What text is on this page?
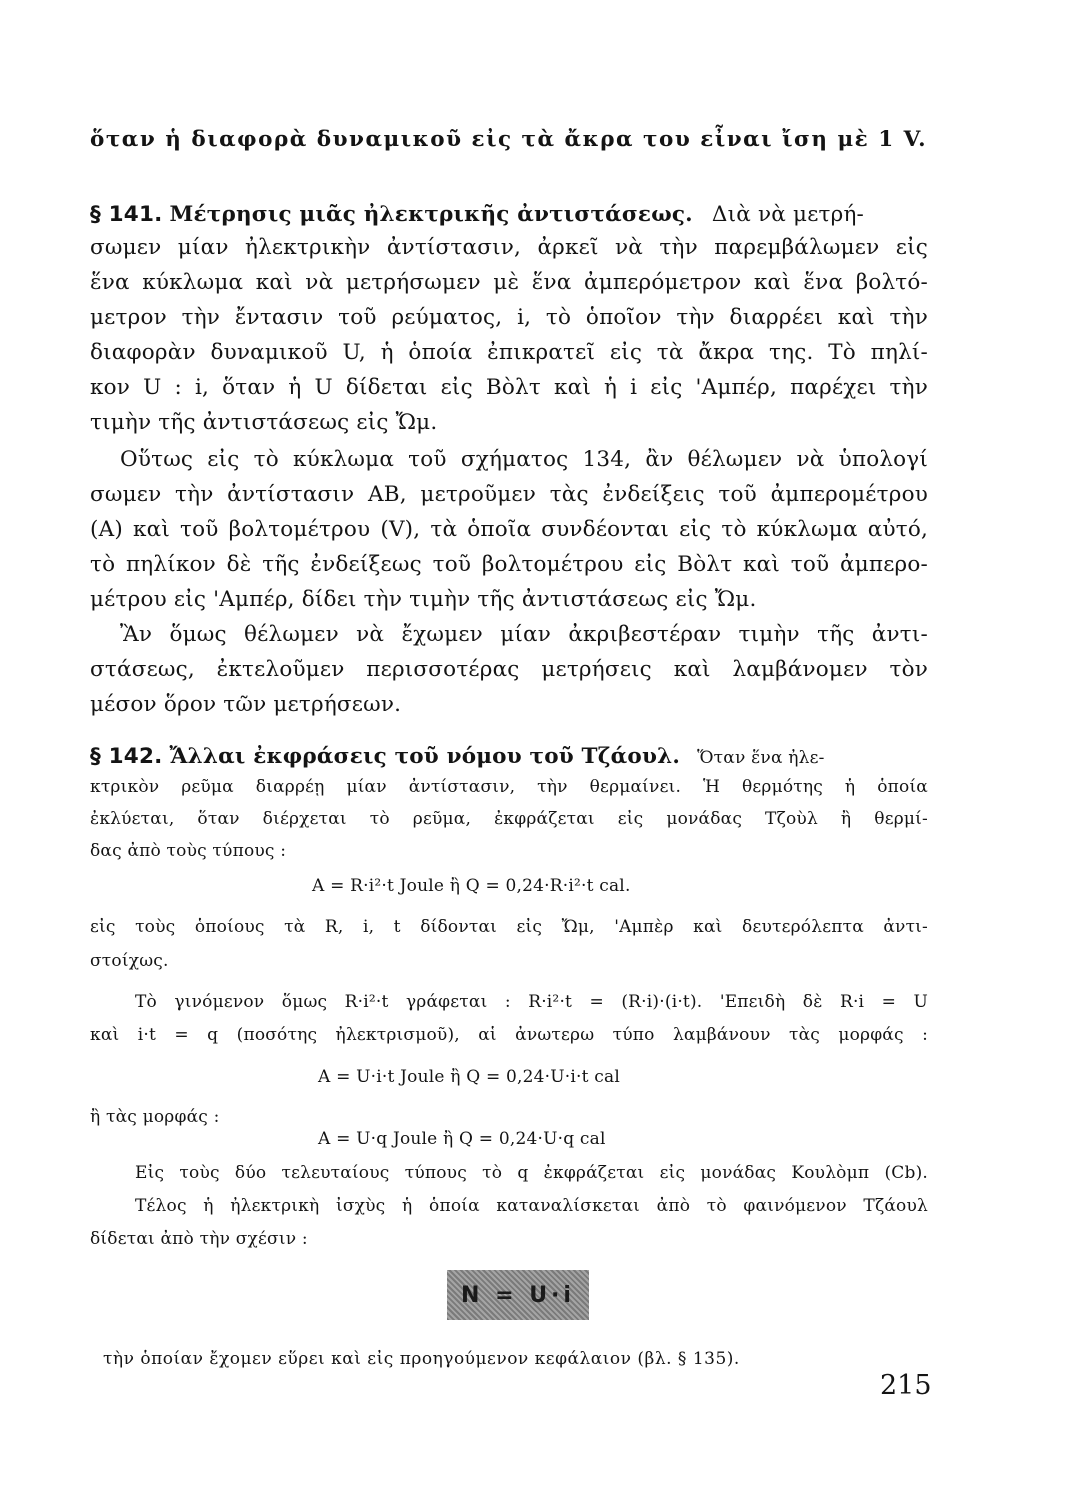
ὅταν ἡ διαφορὰ δυναμικοῦ εἰς τὰ ἄκρα του εἶναι ἴση μὲ 1 V.

§ 141. Μέτρησις μιᾶς ἠλεκτρικῆς ἀντιστάσεως. Διὰ νὰ μετρή-

σωμεν μίαν ἠλεκτρικὴν ἀντίστασιν, ἀρκεῖ νὰ τὴν παρεμβάλωμεν εἰς

ἕνα κύκλωμα καὶ νὰ μετρήσωμεν μὲ ἕνα ἀμπερόμετρον καὶ ἕνα βολτό-

μετρον τὴν ἔντασιν τοῦ ρεύματος, i, τὸ ὁποῖον τὴν διαρρέει καὶ τὴν

διαφορὰν δυναμικοῦ U, ἡ ὁποία ἐπικρατεῖ εἰς τὰ ἄκρα της. Τὸ πηλί-

κον U : i, ὅταν ἡ U δίδεται εἰς Βὸλτ καὶ ἡ i εἰς 'Αμπέρ, παρέχει τὴν

τιμὴν τῆς ἀντιστάσεως εἰς Ὤμ.

Οὕτως εἰς τὸ κύκλωμα τοῦ σχήματος 134, ἂν θέλωμεν νὰ ὑπολογί

σωμεν τὴν ἀντίστασιν ΑΒ, μετροῦμεν τὰς ἐνδείξεις τοῦ ἀμπερομέτρου

(Α) καὶ τοῦ βολτομέτρου (V), τὰ ὁποῖα συνδέονται εἰς τὸ κύκλωμα αὐτό,

τὸ πηλίκον δὲ τῆς ἐνδείξεως τοῦ βολτομέτρου εἰς Βὸλτ καὶ τοῦ ἀμπερο-

μέτρου εἰς 'Αμπέρ, δίδει τὴν τιμὴν τῆς ἀντιστάσεως εἰς Ὤμ.

Ἂν ὅμως θέλωμεν νὰ ἔχωμεν μίαν ἀκριβεστέραν τιμὴν τῆς ἀντι-

στάσεως, ἐκτελοῦμεν περισσοτέρας μετρήσεις καὶ λαμβάνομεν τὸν

μέσον ὅρον τῶν μετρήσεων.

§ 142. Ἄλλαι ἐκφράσεις τοῦ νόμου τοῦ Τζάουλ. Ὅταν ἕνα ἠλε-

κτρικὸν ρεῦμα διαρρέῃ μίαν ἀντίστασιν, τὴν θερμαίνει. Ἡ θερμότης ἡ ὁποία

ἐκλύεται, ὅταν διέρχεται τὸ ρεῦμα, ἐκφράζεται εἰς μονάδας Τζοὺλ ἢ θερμί-

δας ἀπὸ τοὺς τύπους :

A = R·i²·t Joule ἢ Q = 0,24·R·i²·t cal.

εἰς τοὺς ὁποίους τὰ R, i, t δίδονται εἰς Ὤμ, 'Αμπὲρ καὶ δευτερόλεπτα ἀντι-

στοίχως.

Τὸ γινόμενον ὅμως R·i²·t γράφεται : R·i²·t = (R·i)·(i·t). 'Επειδὴ δὲ R·i = U

καὶ i·t = q (ποσότης ἠλεκτρισμοῦ), αἱ ἀνωτερω τύπο λαμβάνουν τὰς μορφάς :

A = U·i·t Joule ἢ Q = 0,24·U·i·t cal

ἢ τὰς μορφάς :

A = U·q Joule ἢ Q = 0,24·U·q cal

Εἰς τοὺς δύο τελευταίους τύπους τὸ q ἐκφράζεται εἰς μονάδας Κουλὸμπ (Cb).

Τέλος ἡ ἠλεκτρικὴ ἰσχὺς ἡ ὁποία καταναλίσκεται ἀπὸ τὸ φαινόμενον Τζάουλ

δίδεται ἀπὸ τὴν σχέσιν :

N = U·i

τὴν ὁποίαν ἔχομεν εὕρει καὶ εἰς προηγούμενον κεφάλαιον (βλ. § 135).

215
